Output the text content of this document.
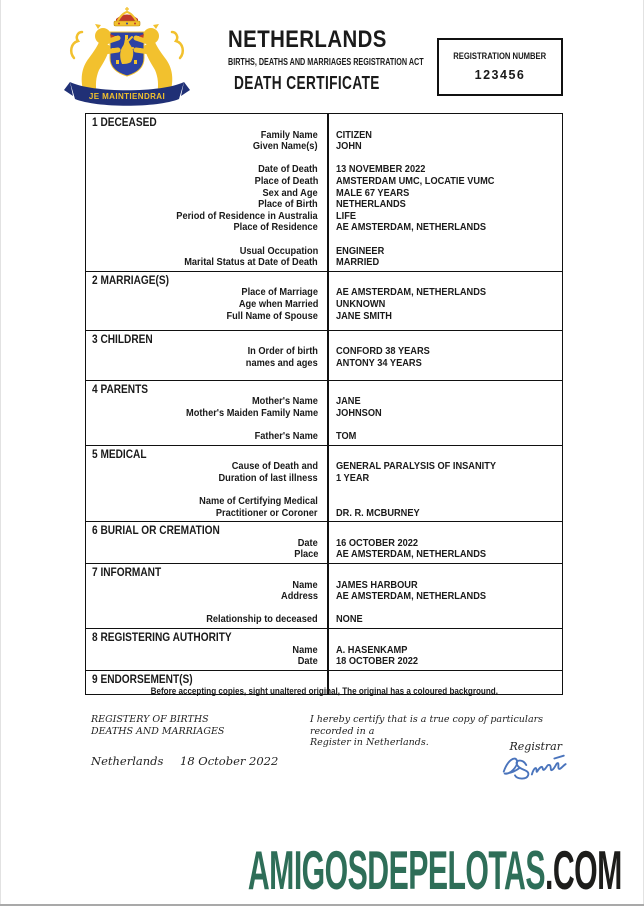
JE MAINTIENDRAI
NETHERLANDS
BIRTHS, DEATHS AND MARRIAGES REGISTRATION ACT
DEATH CERTIFICATE
REGISTRATION NUMBER
123456
1 DECEASED
Family Name	CITIZEN
Given Name(s)	JOHN
Date of Death	13 NOVEMBER 2022
Place of Death	AMSTERDAM UMC, LOCATIE VUMC
Sex and Age	MALE 67 YEARS
Place of Birth	NETHERLANDS
Period of Residence in Australia	LIFE
Place of Residence	AE AMSTERDAM, NETHERLANDS
Usual Occupation	ENGINEER
Marital Status at Date of Death	MARRIED
2 MARRIAGE(S)
Place of Marriage	AE AMSTERDAM, NETHERLANDS
Age when Married	UNKNOWN
Full Name of Spouse	JANE SMITH
3 CHILDREN
In Order of birth	CONFORD 38 YEARS
names and ages	ANTONY 34 YEARS
4 PARENTS
Mother's Name	JANE
Mother's Maiden Family Name	JOHNSON
Father's Name	TOM
5 MEDICAL
Cause of Death and	GENERAL PARALYSIS OF INSANITY
Duration of last illness	1 YEAR
Name of Certifying Medical
Practitioner or Coroner	DR. R. MCBURNEY
6 BURIAL OR CREMATION
Date	16 OCTOBER 2022
Place	AE AMSTERDAM, NETHERLANDS
7 INFORMANT
Name	JAMES HARBOUR
Address	AE AMSTERDAM, NETHERLANDS
Relationship to deceased	NONE
8 REGISTERING AUTHORITY
Name	A. HASENKAMP
Date	18 OCTOBER 2022
9 ENDORSEMENT(S)
Before accepting copies, sight unaltered original, The original has a coloured background.
REGISTERY OF BIRTHS
DEATHS AND MARRIAGES
I hereby certify that is a true copy of particulars recorded in a
Register in Netherlands.	Registrar
Netherlands 18 October 2022
AMIGOSDEPELOTAS.COM
